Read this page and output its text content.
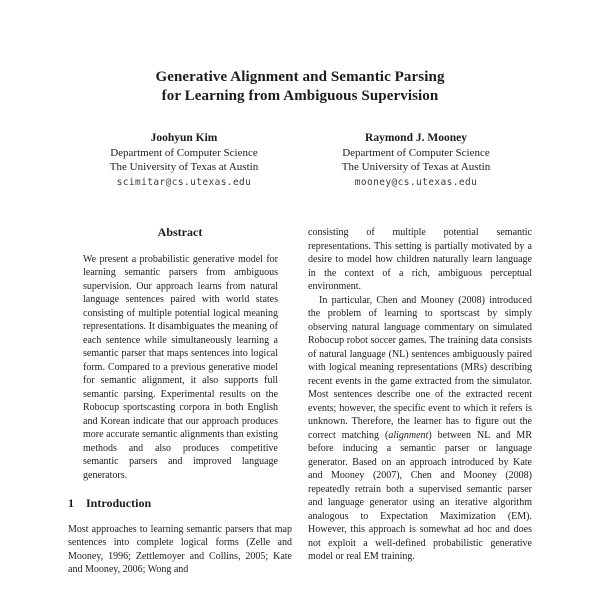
Generative Alignment and Semantic Parsing
for Learning from Ambiguous Supervision
Joohyun Kim
Department of Computer Science
The University of Texas at Austin
scimitar@cs.utexas.edu
Raymond J. Mooney
Department of Computer Science
The University of Texas at Austin
mooney@cs.utexas.edu
Abstract
We present a probabilistic generative model for learning semantic parsers from ambiguous supervision. Our approach learns from natural language sentences paired with world states consisting of multiple potential logical meaning representations. It disambiguates the meaning of each sentence while simultaneously learning a semantic parser that maps sentences into logical form. Compared to a previous generative model for semantic alignment, it also supports full semantic parsing. Experimental results on the Robocup sportscasting corpora in both English and Korean indicate that our approach produces more accurate semantic alignments than existing methods and also produces competitive semantic parsers and improved language generators.
1 Introduction
Most approaches to learning semantic parsers that map sentences into complete logical forms (Zelle and Mooney, 1996; Zettlemoyer and Collins, 2005; Kate and Mooney, 2006; Wong and
consisting of multiple potential semantic representations. This setting is partially motivated by a desire to model how children naturally learn language in the context of a rich, ambiguous perceptual environment.
In particular, Chen and Mooney (2008) introduced the problem of learning to sportscast by simply observing natural language commentary on simulated Robocup robot soccer games. The training data consists of natural language (NL) sentences ambiguously paired with logical meaning representations (MRs) describing recent events in the game extracted from the simulator. Most sentences describe one of the extracted recent events; however, the specific event to which it refers is unknown. Therefore, the learner has to figure out the correct matching (alignment) between NL and MR before inducing a semantic parser or language generator. Based on an approach introduced by Kate and Mooney (2007), Chen and Mooney (2008) repeatedly retrain both a supervised semantic parser and language generator using an iterative algorithm analogous to Expectation Maximization (EM). However, this approach is somewhat ad hoc and does not exploit a well-defined probabilistic generative model or real EM training.
